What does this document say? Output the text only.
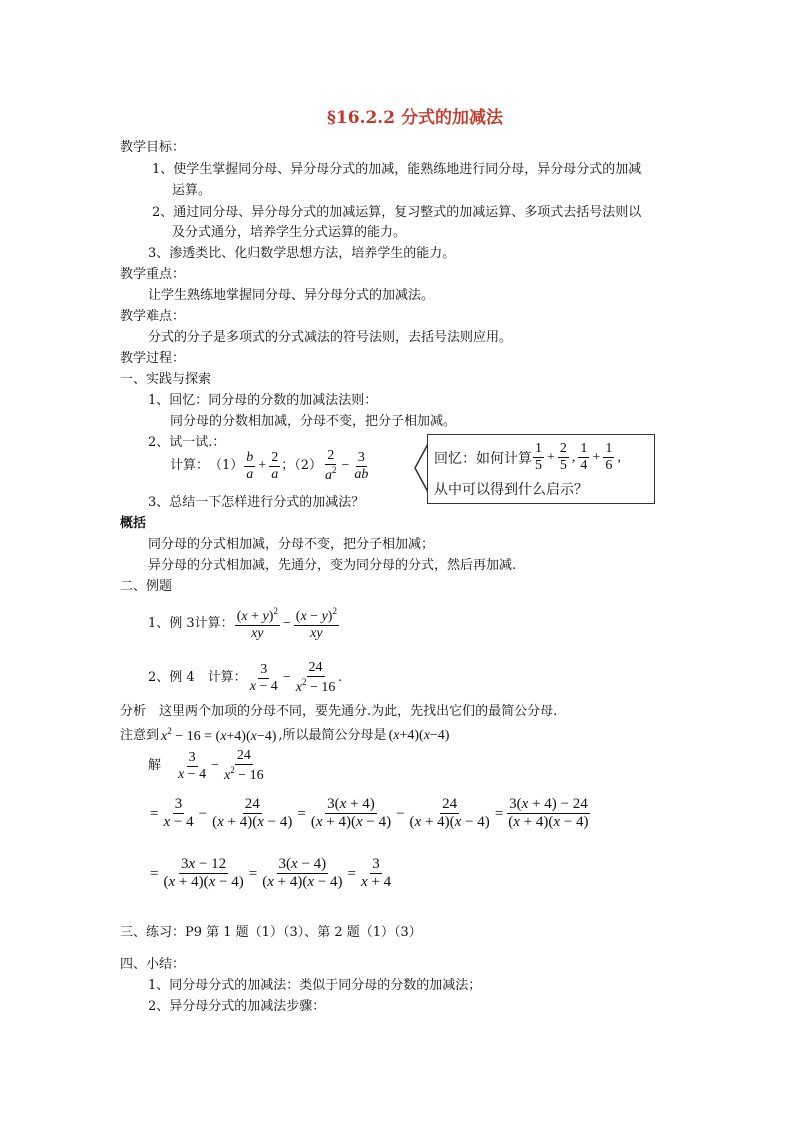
§16.2.2 分式的加减法
教学目标：
1、使学生掌握同分母、异分母分式的加减，能熟练地进行同分母，异分母分式的加减
运算。
2、通过同分母、异分母分式的加减运算，复习整式的加减运算、多项式去括号法则以
及分式通分，培养学生分式运算的能力。
3、渗透类比、化归数学思想方法，培养学生的能力。
教学重点：
让学生熟练地掌握同分母、异分母分式的加减法。
教学难点：
分式的分子是多项式的分式减法的符号法则，去括号法则应用。
教学过程：
一、实践与探索
1、回忆：同分母的分数的加减法法则：
同分母的分数相加减，分母不变，把分子相加减。
2、试一试.：
计算： $(1) \frac{b}{a} + \frac{2}{a}$ ；$(2) \frac{2}{a^2} - \frac{3}{ab}$
3、总结一下怎样进行分式的加减法？
回忆：如何计算 $\frac{1}{5} + \frac{2}{5}$ , $\frac{1}{4} + \frac{1}{6}$ ,
从中可以得到什么启示？
概括
同分母的分式相加减，分母不变，把分子相加减；
异分母的分式相加减，先通分，变为同分母的分式，然后再加减.
二、例题
1、例 3计算： $\frac{(x + y)^2}{xy} - \frac{(x - y)^2}{xy}$
2、例 4　计算： $\frac{3}{x - 4} - \frac{24}{x^2 - 16}$ .
分析　这里两个加项的分母不同，要先通分.为此，先找出它们的最简公分母.
注意到 $x^2 - 16 = (x+4)(x-4)$ ,所以最简公分母是 (x+4)(x−4)
解 $\frac{3}{x - 4} - \frac{24}{x^2 - 16}$
= $\frac{3}{x - 4} - \frac{24}{(x + 4)(x - 4)} = \frac{3(x + 4)}{(x + 4)(x - 4)} - \frac{24}{(x + 4)(x - 4)} = \frac{3(x + 4) - 24}{(x + 4)(x - 4)}$
= $\frac{3x - 12}{(x + 4)(x - 4)} = \frac{3(x - 4)}{(x + 4)(x - 4)} = \frac{3}{x + 4}$
三、练习：P9 第 1 题（1）（3）、第 2 题（1）（3）
四、小结：
1、同分母分式的加减法：类似于同分母的分数的加减法；
2、异分母分式的加减法步骤：
